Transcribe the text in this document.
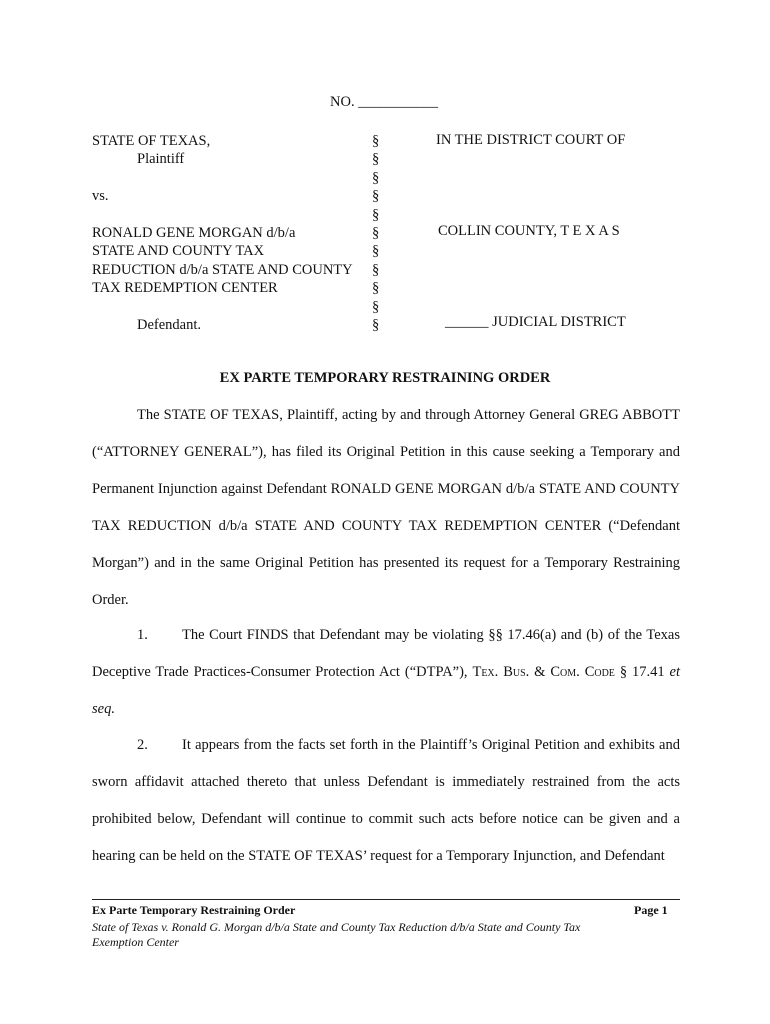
NO. ___________
STATE OF TEXAS,
Plaintiff

vs.

RONALD GENE MORGAN d/b/a
STATE AND COUNTY TAX
REDUCTION d/b/a STATE AND COUNTY
TAX REDEMPTION CENTER

Defendant.
§
§
§
§
§
§
§
§
§
§
§
IN THE DISTRICT COURT OF
COLLIN COUNTY, T E X A S
______ JUDICIAL DISTRICT
EX PARTE TEMPORARY RESTRAINING ORDER

The STATE OF TEXAS, Plaintiff, acting by and through Attorney General GREG ABBOTT (“ATTORNEY GENERAL”), has filed its Original Petition in this cause seeking a Temporary and Permanent Injunction against Defendant RONALD GENE MORGAN d/b/a STATE AND COUNTY TAX REDUCTION d/b/a STATE AND COUNTY TAX REDEMPTION CENTER (“Defendant Morgan”) and in the same Original Petition has presented its request for a Temporary Restraining Order.

1. The Court FINDS that Defendant may be violating §§ 17.46(a) and (b) of the Texas Deceptive Trade Practices-Consumer Protection Act (“DTPA”), Tex. Bus. & Com. Code § 17.41 et seq.

2. It appears from the facts set forth in the Plaintiff’s Original Petition and exhibits and sworn affidavit attached thereto that unless Defendant is immediately restrained from the acts prohibited below, Defendant will continue to commit such acts before notice can be given and a hearing can be held on the STATE OF TEXAS’ request for a Temporary Injunction, and Defendant

Ex Parte Temporary Restraining Order	Page 1
State of Texas v. Ronald G. Morgan d/b/a State and County Tax Reduction d/b/a State and County Tax Exemption Center
